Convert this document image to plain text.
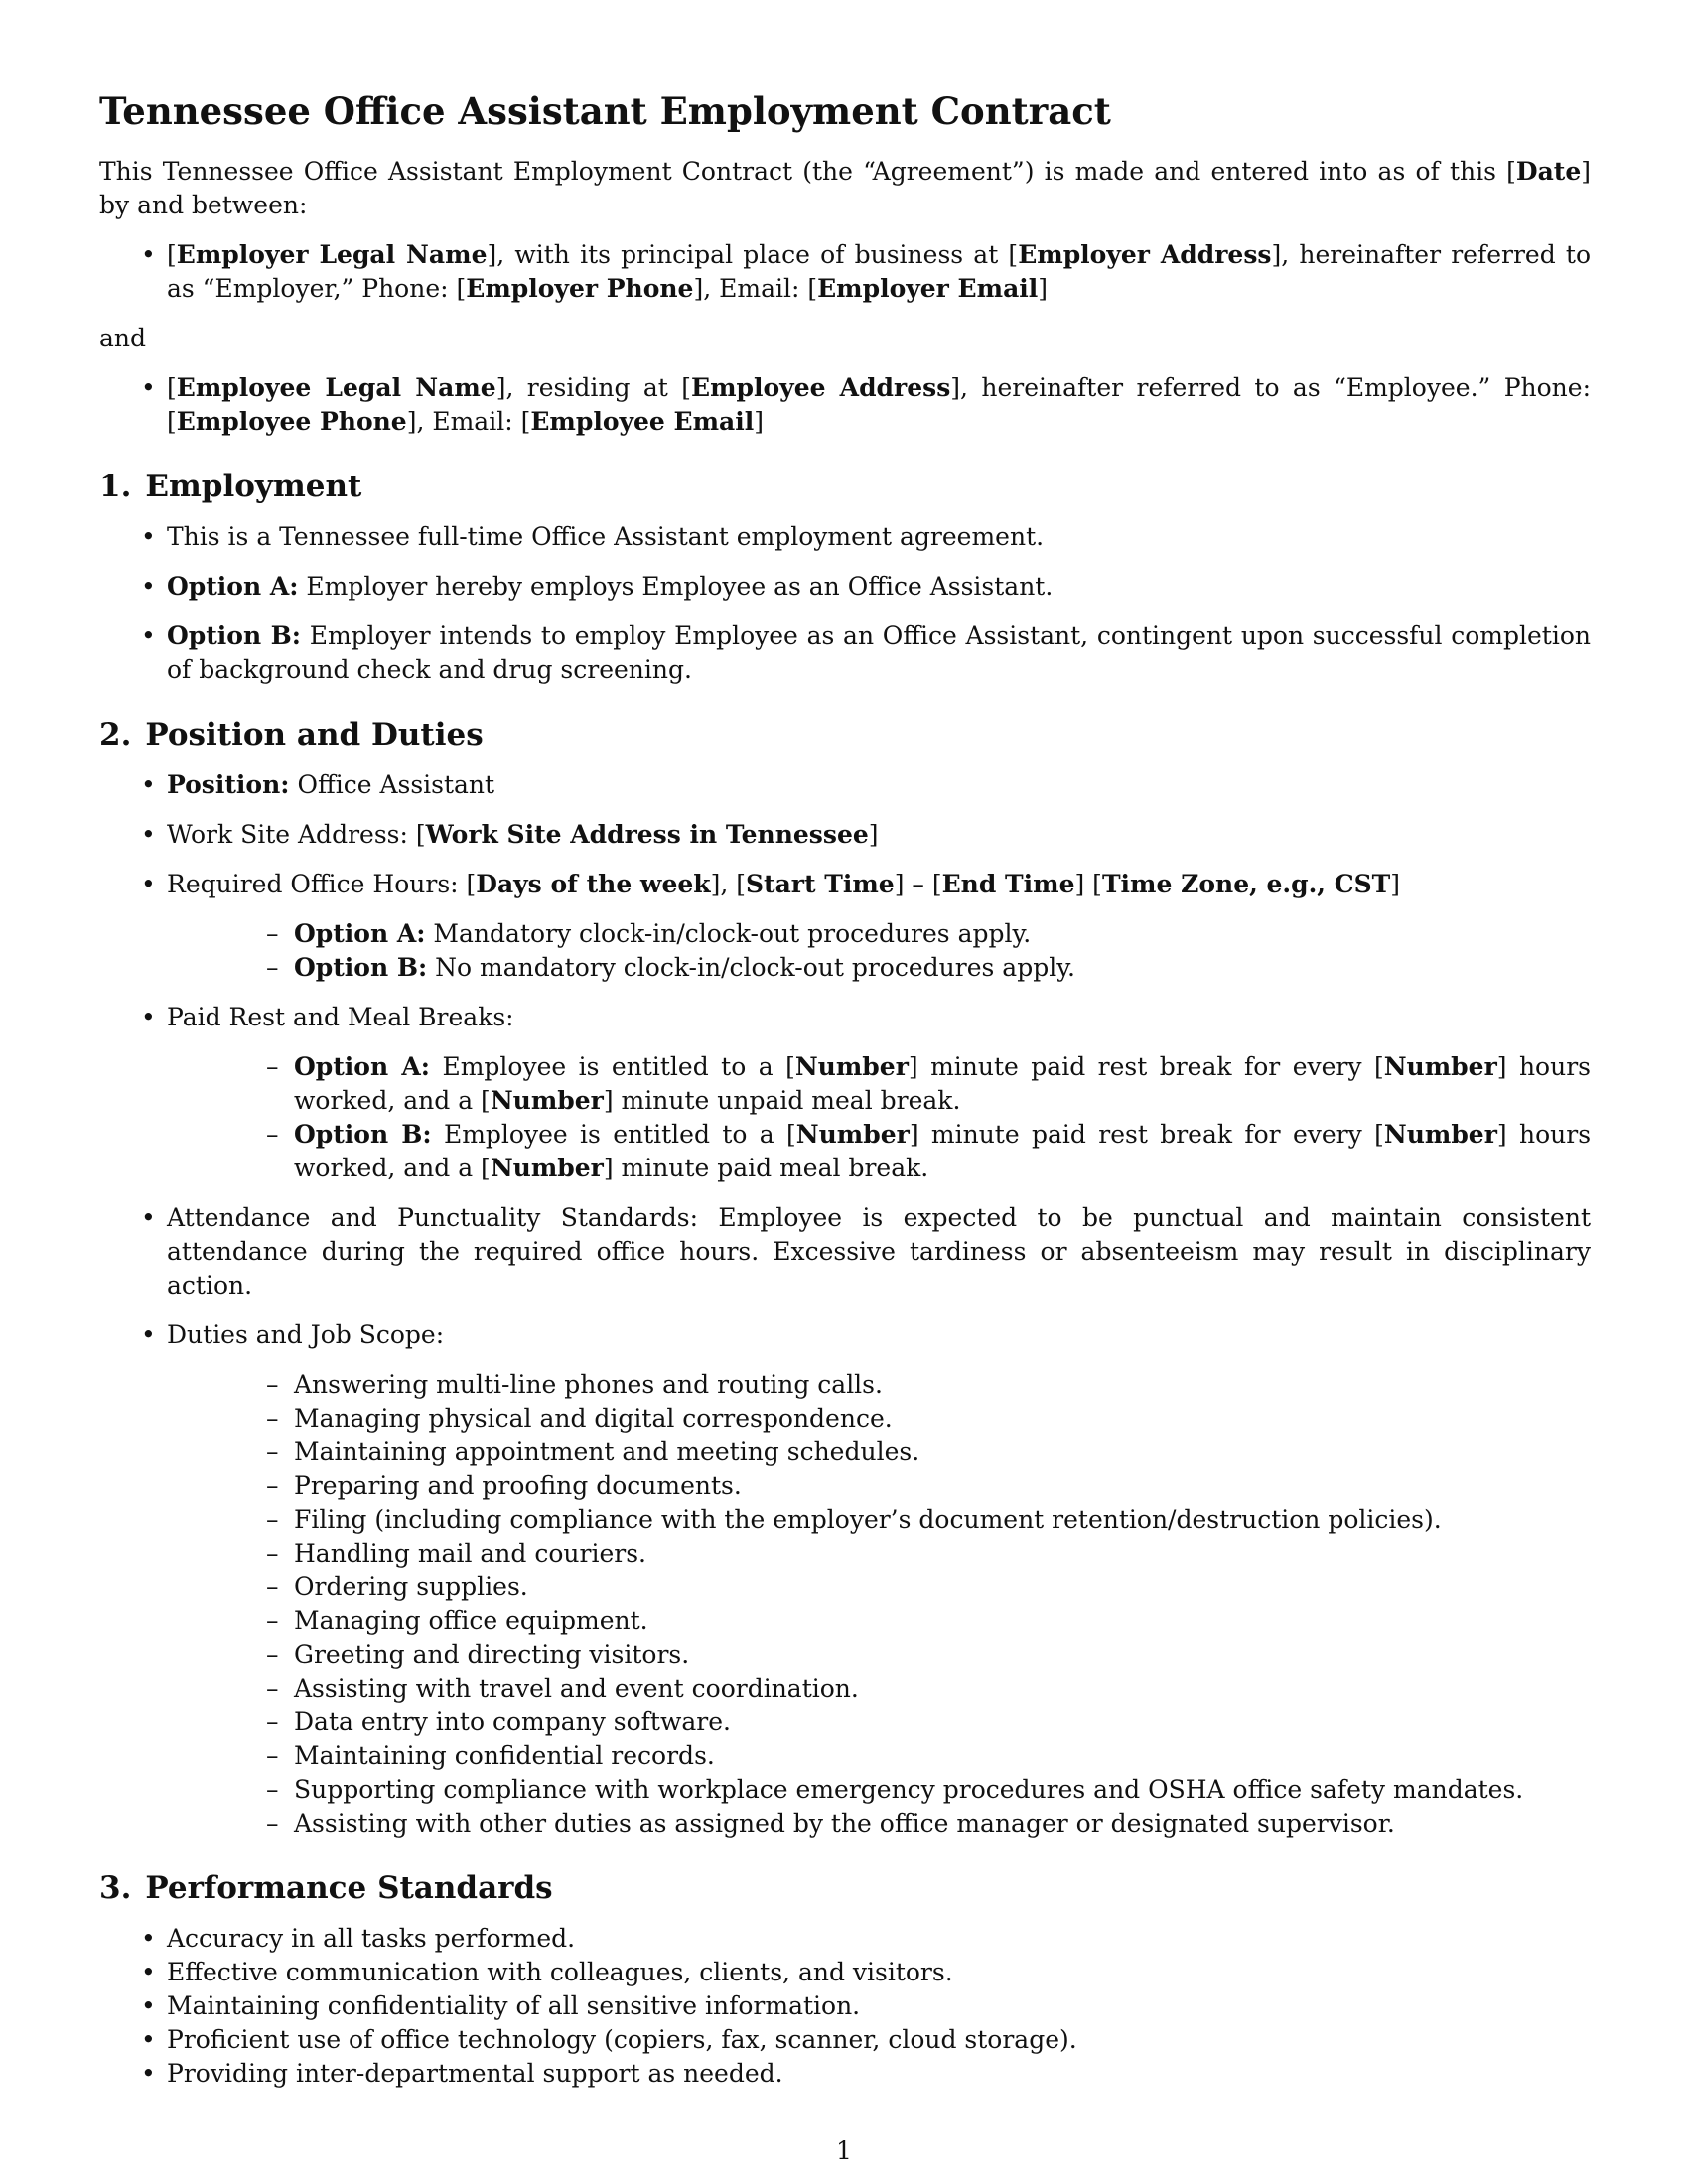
Tennessee Office Assistant Employment Contract

This Tennessee Office Assistant Employment Contract (the “Agreement”) is made and entered into as of this [Date] by and between:

• [Employer Legal Name], with its principal place of business at [Employer Address], hereinafter referred to as “Employer,” Phone: [Employer Phone], Email: [Employer Email]

and

• [Employee Legal Name], residing at [Employee Address], hereinafter referred to as “Employee.” Phone: [Employee Phone], Email: [Employee Email]
1. Employment
• This is a Tennessee full-time Office Assistant employment agreement.
• Option A: Employer hereby employs Employee as an Office Assistant.
• Option B: Employer intends to employ Employee as an Office Assistant, contingent upon successful completion of background check and drug screening.
2. Position and Duties
• Position: Office Assistant
• Work Site Address: [Work Site Address in Tennessee]
• Required Office Hours: [Days of the week], [Start Time] – [End Time] [Time Zone, e.g., CST]
– Option A: Mandatory clock-in/clock-out procedures apply.
– Option B: No mandatory clock-in/clock-out procedures apply.
• Paid Rest and Meal Breaks:
– Option A: Employee is entitled to a [Number] minute paid rest break for every [Number] hours worked, and a [Number] minute unpaid meal break.
– Option B: Employee is entitled to a [Number] minute paid rest break for every [Number] hours worked, and a [Number] minute paid meal break.
• Attendance and Punctuality Standards: Employee is expected to be punctual and maintain consistent attendance during the required office hours. Excessive tardiness or absenteeism may result in disciplinary action.
• Duties and Job Scope:
– Answering multi-line phones and routing calls.
– Managing physical and digital correspondence.
– Maintaining appointment and meeting schedules.
– Preparing and proofing documents.
– Filing (including compliance with the employer’s document retention/destruction policies).
– Handling mail and couriers.
– Ordering supplies.
– Managing office equipment.
– Greeting and directing visitors.
– Assisting with travel and event coordination.
– Data entry into company software.
– Maintaining confidential records.
– Supporting compliance with workplace emergency procedures and OSHA office safety mandates.
– Assisting with other duties as assigned by the office manager or designated supervisor.
3. Performance Standards
• Accuracy in all tasks performed.
• Effective communication with colleagues, clients, and visitors.
• Maintaining confidentiality of all sensitive information.
• Proficient use of office technology (copiers, fax, scanner, cloud storage).
• Providing inter-departmental support as needed.
1
